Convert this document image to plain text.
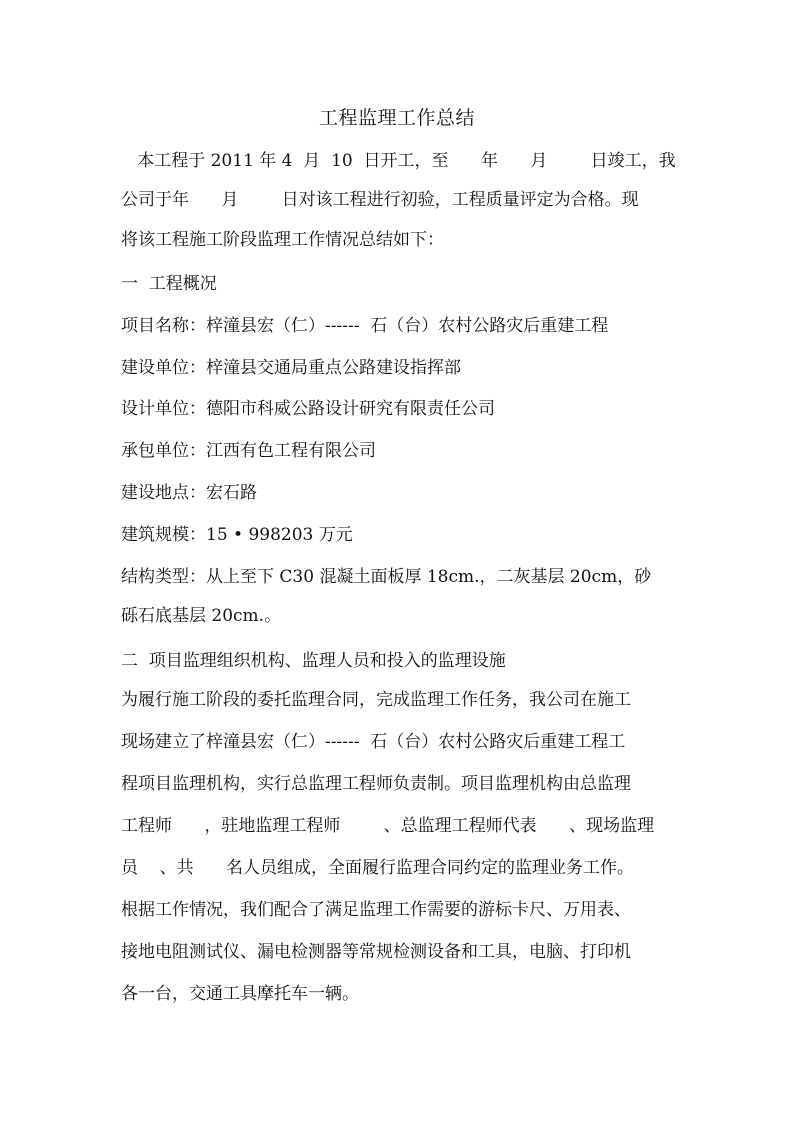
工程监理工作总结
本工程于 2011 年 4  月  10  日开工，至      年      月        日竣工，我
公司于年      月        日对该工程进行初验，工程质量评定为合格。现
将该工程施工阶段监理工作情况总结如下：
一  工程概况
项目名称：梓潼县宏（仁）------  石（台）农村公路灾后重建工程
建设单位：梓潼县交通局重点公路建设指挥部
设计单位：德阳市科威公路设计研究有限责任公司
承包单位：江西有色工程有限公司
建设地点：宏石路
建筑规模：15 • 998203 万元
结构类型：从上至下 C30 混凝土面板厚 18cm.，二灰基层 20cm，砂
砾石底基层 20cm.。
二  项目监理组织机构、监理人员和投入的监理设施
为履行施工阶段的委托监理合同，完成监理工作任务，我公司在施工
现场建立了梓潼县宏（仁）------  石（台）农村公路灾后重建工程工
程项目监理机构，实行总监理工程师负责制。项目监理机构由总监理
工程师      ，驻地监理工程师        、总监理工程师代表      、现场监理
员    、共      名人员组成，全面履行监理合同约定的监理业务工作。
根据工作情况，我们配合了满足监理工作需要的游标卡尺、万用表、
接地电阻测试仪、漏电检测器等常规检测设备和工具，电脑、打印机
各一台，交通工具摩托车一辆。
